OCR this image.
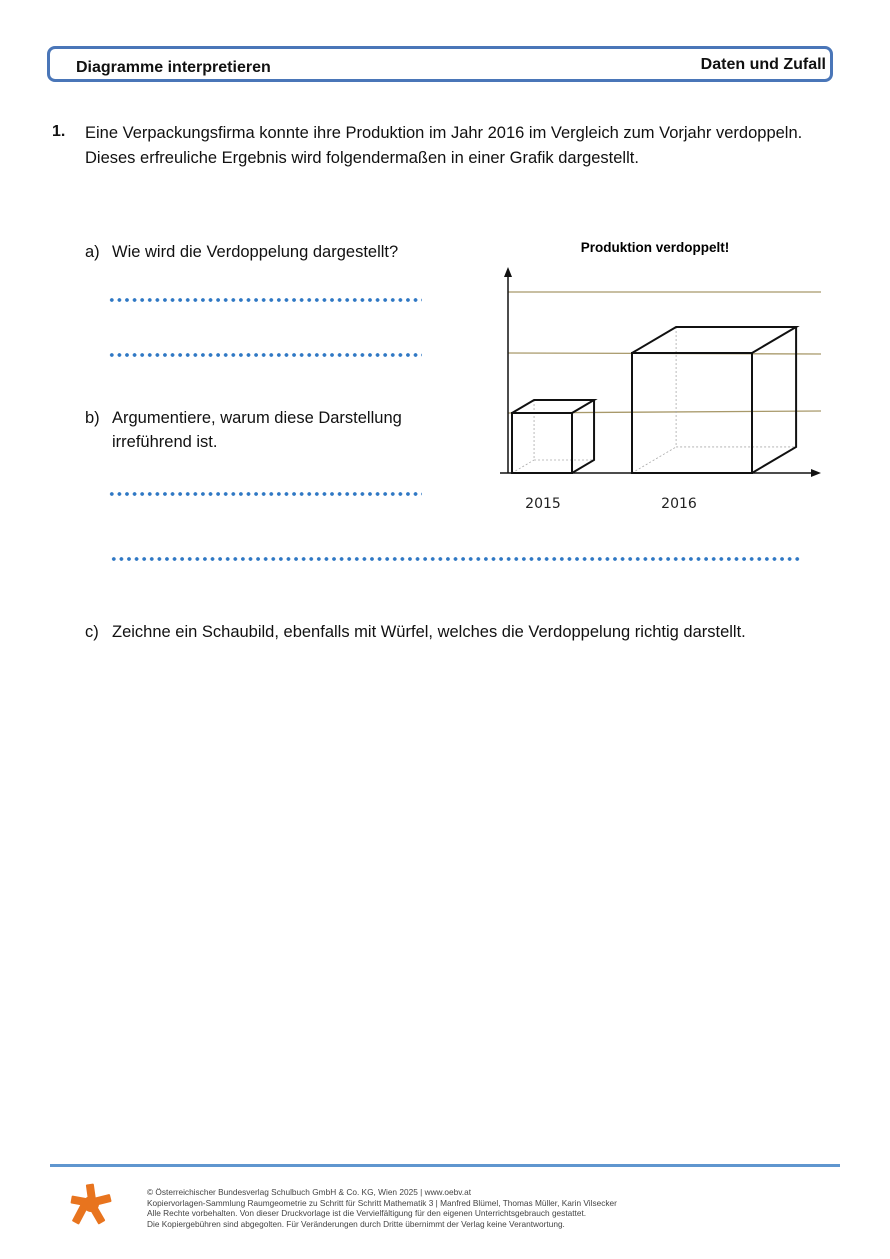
Diagramme interpretieren	Daten und Zufall
1. Eine Verpackungsfirma konnte ihre Produktion im Jahr 2016 im Vergleich zum Vorjahr verdoppeln. Dieses erfreuliche Ergebnis wird folgendermaßen in einer Grafik dargestellt.
a) Wie wird die Verdoppelung dargestellt?
b) Argumentiere, warum diese Darstellung
irreführend ist.
c) Zeichne ein Schaubild, ebenfalls mit Würfel, welches die Verdoppelung richtig darstellt.
Produktion verdoppelt!
2015	2016
© Österreichischer Bundesverlag Schulbuch GmbH & Co. KG, Wien 2025 | www.oebv.at
Kopiervorlagen-Sammlung Raumgeometrie zu Schritt für Schritt Mathematik 3 | Manfred Blümel, Thomas Müller, Karin Vilsecker
Alle Rechte vorbehalten. Von dieser Druckvorlage ist die Vervielfältigung für den eigenen Unterrichtsgebrauch gestattet.
Die Kopiergebühren sind abgegolten. Für Veränderungen durch Dritte übernimmt der Verlag keine Verantwortung.
